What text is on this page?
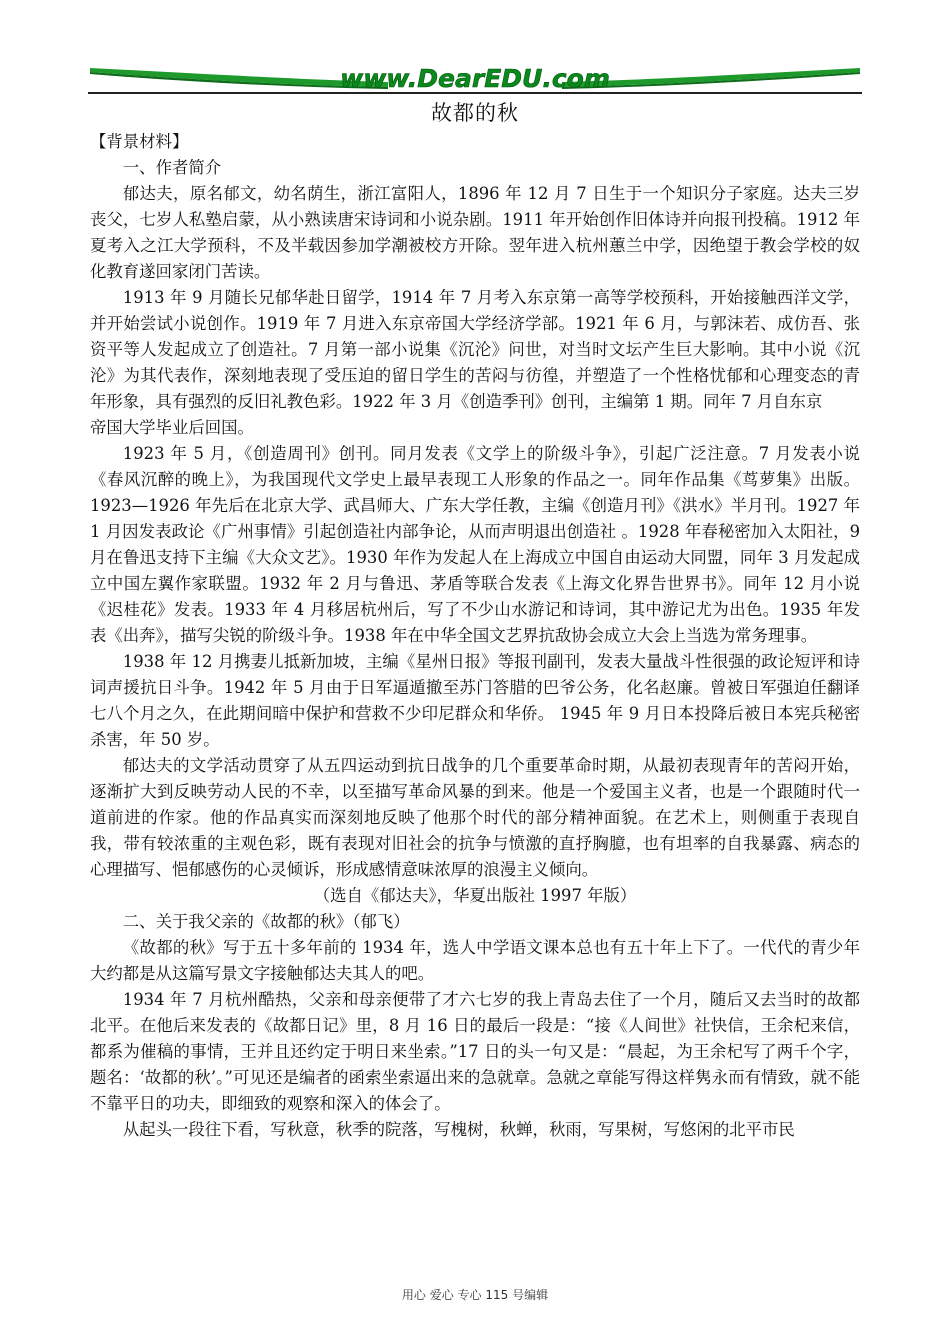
www.DearEDU.com
故都的秋

【背景材料】

一、作者简介

郁达夫，原名郁文，幼名荫生，浙江富阳人，1896 年 12 月 7 日生于一个知识分子家庭。达夫三岁丧父，七岁人私塾启蒙，从小熟读唐宋诗词和小说杂剧。1911 年开始创作旧体诗并向报刊投稿。1912 年夏考入之江大学预科，不及半载因参加学潮被校方开除。翌年进入杭州蕙兰中学，因绝望于教会学校的奴化教育遂回家闭门苦读。

1913 年 9 月随长兄郁华赴日留学，1914 年 7 月考入东京第一高等学校预科，开始接触西洋文学，并开始尝试小说创作。1919 年 7 月进入东京帝国大学经济学部。1921 年 6 月，与郭沫若、成仿吾、张资平等人发起成立了创造社。7 月第一部小说集《沉沦》问世，对当时文坛产生巨大影响。其中小说《沉沦》为其代表作，深刻地表现了受压迫的留日学生的苦闷与彷徨，并塑造了一个性格忧郁和心理变态的青年形象，具有强烈的反旧礼教色彩。1922 年 3 月《创造季刊》创刊，主编第 1 期。同年 7 月自东京

帝国大学毕业后回国。

1923 年 5 月，《创造周刊》创刊。同月发表《文学上的阶级斗争》，引起广泛注意。7 月发表小说《春风沉醉的晚上》，为我国现代文学史上最早表现工人形象的作品之一。同年作品集《茑萝集》出版。1923—1926 年先后在北京大学、武昌师大、广东大学任教，主编《创造月刊》《洪水》半月刊。1927 年 1 月因发表政论《广州事情》引起创造社内部争论，从而声明退出创造社 。1928 年春秘密加入太阳社，9 月在鲁迅支持下主编《大众文艺》。1930 年作为发起人在上海成立中国自由运动大同盟，同年 3 月发起成立中国左翼作家联盟。1932 年 2 月与鲁迅、茅盾等联合发表《上海文化界告世界书》。同年 12 月小说《迟桂花》发表。1933 年 4 月移居杭州后，写了不少山水游记和诗词，其中游记尤为出色。1935 年发表《出奔》，描写尖锐的阶级斗争。1938 年在中华全国文艺界抗敌协会成立大会上当选为常务理事。

1938 年 12 月携妻儿抵新加坡，主编《星州日报》等报刊副刊，发表大量战斗性很强的政论短评和诗词声援抗日斗争。1942 年 5 月由于日军逼遁撤至苏门答腊的巴爷公务，化名赵廉。曾被日军强迫任翻译七八个月之久，在此期间暗中保护和营救不少印尼群众和华侨。 1945 年 9 月日本投降后被日本宪兵秘密杀害，年 50 岁。

郁达夫的文学活动贯穿了从五四运动到抗日战争的几个重要革命时期，从最初表现青年的苦闷开始，逐渐扩大到反映劳动人民的不幸，以至描写革命风暴的到来。他是一个爱国主义者，也是一个跟随时代一道前进的作家。他的作品真实而深刻地反映了他那个时代的部分精神面貌。在艺术上，则侧重于表现自我，带有较浓重的主观色彩，既有表现对旧社会的抗争与愤激的直抒胸臆，也有坦率的自我暴露、病态的心理描写、悒郁感伤的心灵倾诉，形成感情意味浓厚的浪漫主义倾向。

（选自《郁达夫》，华夏出版社 1997 年版）

二、关于我父亲的《故都的秋》（郁飞）

《故都的秋》写于五十多年前的 1934 年，选人中学语文课本总也有五十年上下了。一代代的青少年大约都是从这篇写景文字接触郁达夫其人的吧。

1934 年 7 月杭州酷热，父亲和母亲便带了才六七岁的我上青岛去住了一个月，随后又去当时的故都北平。在他后来发表的《故都日记》里，8 月 16 日的最后一段是：“接《人间世》社快信，王余杞来信，都系为催稿的事情，王并且还约定于明日来坐索。”17 日的头一句又是：“晨起，为王余杞写了两千个字，题名：‘故都的秋’。”可见还是编者的函索坐索逼出来的急就章。急就之章能写得这样隽永而有情致，就不能不靠平日的功夫，即细致的观察和深入的体会了。

从起头一段往下看，写秋意，秋季的院落，写槐树，秋蝉，秋雨，写果树，写悠闲的北平市民

用心 爱心 专心 115 号编辑
